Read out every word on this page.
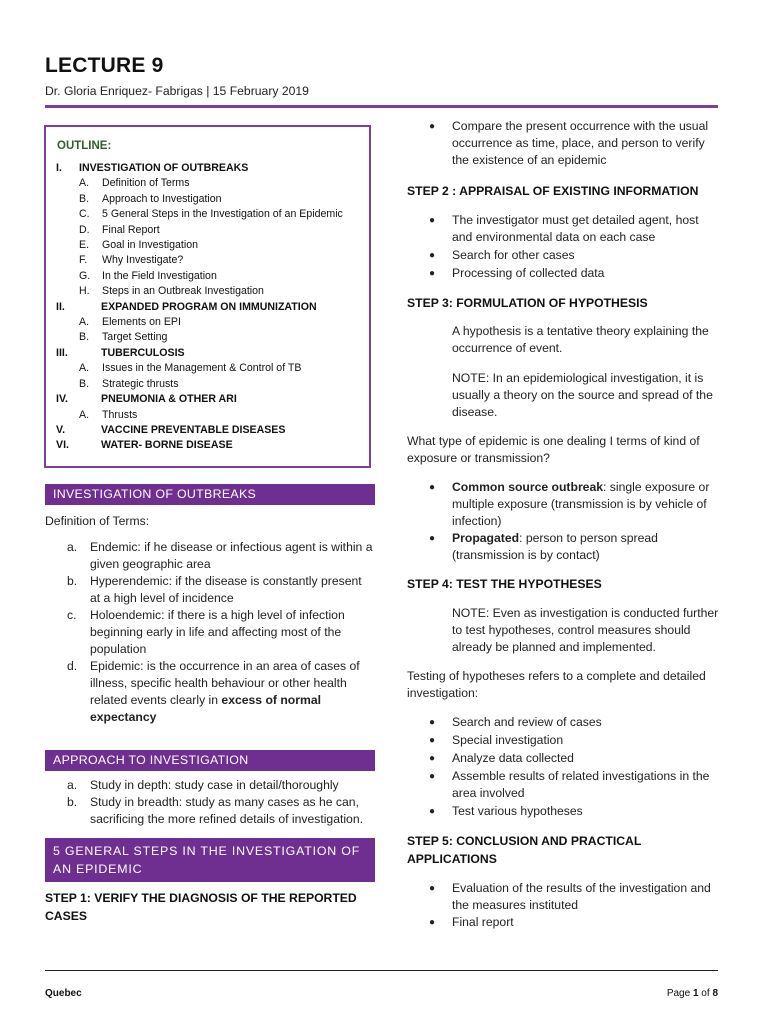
LECTURE 9
Dr. Gloria Enriquez- Fabrigas | 15 February 2019
OUTLINE:
I.	INVESTIGATION OF OUTBREAKS
A.	Definition of Terms
B.	Approach to Investigation
C.	5 General Steps in the Investigation of an Epidemic
D.	Final Report
E.	Goal in Investigation
F.	Why Investigate?
G.	In the Field Investigation
H.	Steps in an Outbreak Investigation
II.	EXPANDED PROGRAM ON IMMUNIZATION
A.	Elements on EPI
B.	Target Setting
III.	TUBERCULOSIS
A.	Issues in the Management & Control of TB
B.	Strategic thrusts
IV.	PNEUMONIA & OTHER ARI
A.	Thrusts
V.	VACCINE PREVENTABLE DISEASES
VI.	WATER- BORNE DISEASE
INVESTIGATION OF OUTBREAKS
Definition of Terms:
a.	Endemic: if he disease or infectious agent is within a given geographic area
b.	Hyperendemic: if the disease is constantly present at a high level of incidence
c.	Holoendemic: if there is a high level of infection beginning early in life and affecting most of the population
d.	Epidemic: is the occurrence in an area of cases of illness, specific health behaviour or other health related events clearly in excess of normal expectancy
APPROACH TO INVESTIGATION
a.	Study in depth: study case in detail/thoroughly
b.	Study in breadth: study as many cases as he can, sacrificing the more refined details of investigation.
5 GENERAL STEPS IN THE INVESTIGATION OF AN EPIDEMIC
STEP 1: VERIFY THE DIAGNOSIS OF THE REPORTED CASES
●	Compare the present occurrence with the usual occurrence as time, place, and person to verify the existence of an epidemic
STEP 2 : APPRAISAL OF EXISTING INFORMATION
●	The investigator must get detailed agent, host and environmental data on each case
●	Search for other cases
●	Processing of collected data
STEP 3: FORMULATION OF HYPOTHESIS
A hypothesis is a tentative theory explaining the occurrence of event.
NOTE: In an epidemiological investigation, it is usually a theory on the source and spread of the disease.
What type of epidemic is one dealing I terms of kind of exposure or transmission?
●	Common source outbreak: single exposure or multiple exposure (transmission is by vehicle of infection)
●	Propagated: person to person spread (transmission is by contact)
STEP 4: TEST THE HYPOTHESES
NOTE: Even as investigation is conducted further to test hypotheses, control measures should already be planned and implemented.
Testing of hypotheses refers to a complete and detailed investigation:
●	Search and review of cases
●	Special investigation
●	Analyze data collected
●	Assemble results of related investigations in the area involved
●	Test various hypotheses
STEP 5: CONCLUSION AND PRACTICAL APPLICATIONS
●	Evaluation of the results of the investigation and the measures instituted
●	Final report
Quebec	Page 1 of 8
